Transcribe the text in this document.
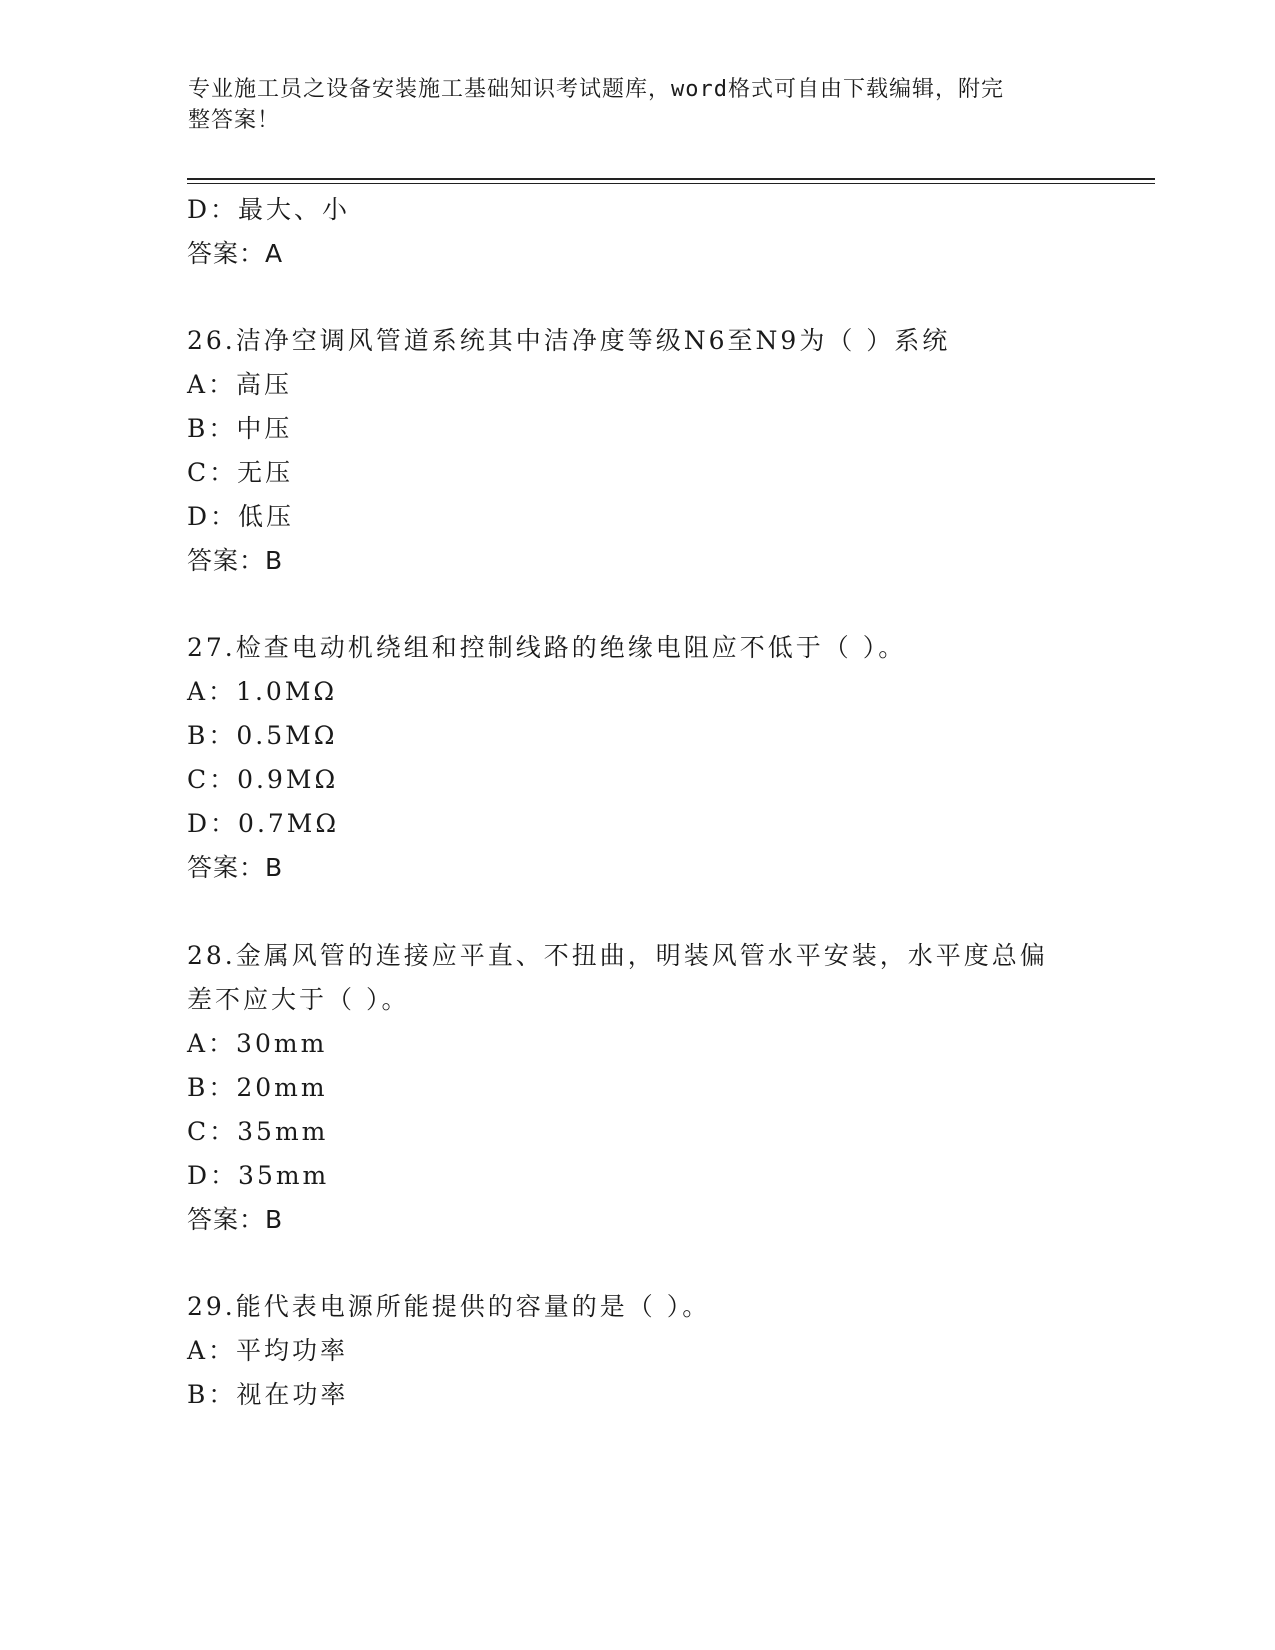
专业施工员之设备安装施工基础知识考试题库，word格式可自由下载编辑，附完
整答案！
D：最大、小
答案：A
26.洁净空调风管道系统其中洁净度等级N6至N9为（ ）系统
A：高压
B：中压
C：无压
D：低压
答案：B
27.检查电动机绕组和控制线路的绝缘电阻应不低于（ ）。
A：1.0MΩ
B：0.5MΩ
C：0.9MΩ
D：0.7MΩ
答案：B
28.金属风管的连接应平直、不扭曲，明装风管水平安装，水平度总偏
差不应大于（ ）。
A：30mm
B：20mm
C：35mm
D：35mm
答案：B
29.能代表电源所能提供的容量的是（ ）。
A：平均功率
B：视在功率
